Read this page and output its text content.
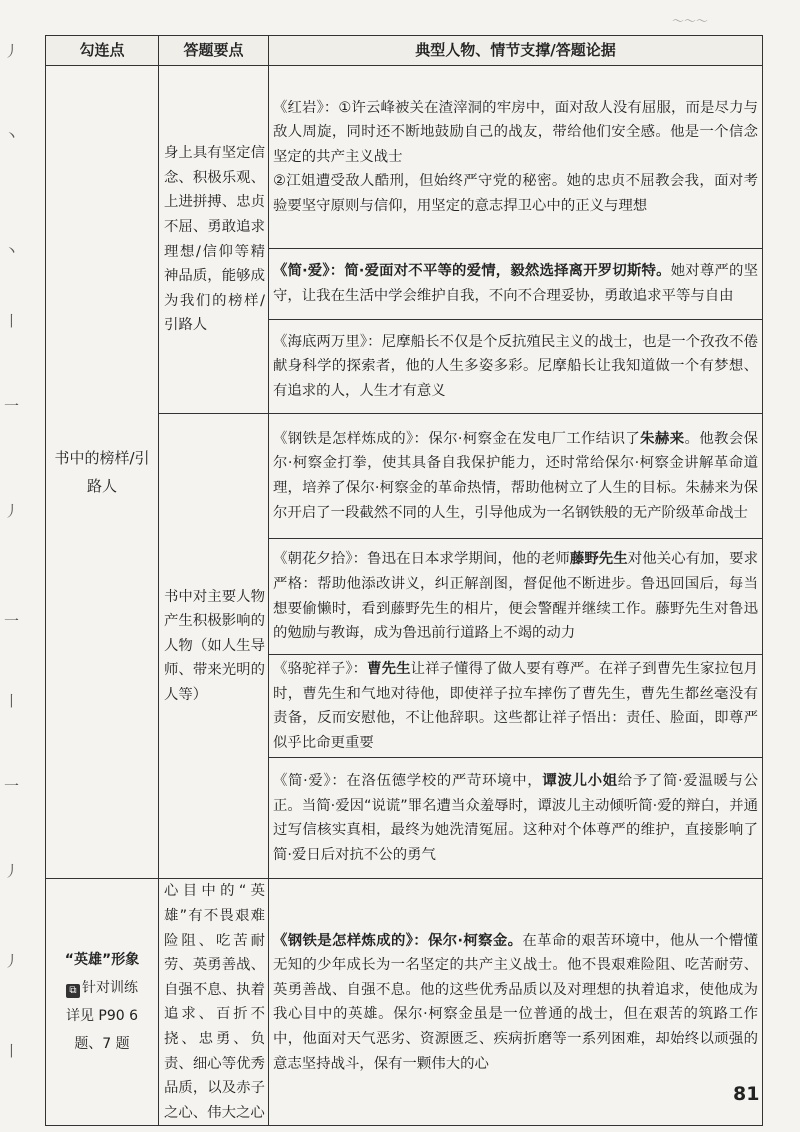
丿
丶
丶
丨
一
丿
一
丨
一
丿
丿
丨
～～～
勾连点	答题要点	典型人物、情节支撑/答题论据
书中的榜样/引路人	身上具有坚定信念、积极乐观、上进拼搏、忠贞不屈、勇敢追求理想/信仰等精神品质，能够成为我们的榜样/引路人	《红岩》：①许云峰被关在渣滓洞的牢房中，面对敌人没有屈服，而是尽力与敌人周旋，同时还不断地鼓励自己的战友，带给他们安全感。他是一个信念坚定的共产主义战士

②江姐遭受敌人酷刑，但始终严守党的秘密。她的忠贞不屈教会我，面对考验要坚守原则与信仰，用坚定的意志捍卫心中的正义与理想

		《简·爱》：简·爱面对不平等的爱情，毅然选择离开罗切斯特。她对尊严的坚守，让我在生活中学会维护自我，不向不合理妥协，勇敢追求平等与自由
		《海底两万里》：尼摩船长不仅是个反抗殖民主义的战士，也是一个孜孜不倦献身科学的探索者，他的人生多姿多彩。尼摩船长让我知道做一个有梦想、有追求的人，人生才有意义
	书中对主要人物产生积极影响的人物（如人生导师、带来光明的人等）	《钢铁是怎样炼成的》：保尔·柯察金在发电厂工作结识了朱赫来。他教会保尔·柯察金打拳，使其具备自我保护能力，还时常给保尔·柯察金讲解革命道理，培养了保尔·柯察金的革命热情，帮助他树立了人生的目标。朱赫来为保尔开启了一段截然不同的人生，引导他成为一名钢铁般的无产阶级革命战士
		《朝花夕拾》：鲁迅在日本求学期间，他的老师藤野先生对他关心有加，要求严格：帮助他添改讲义，纠正解剖图，督促他不断进步。鲁迅回国后，每当想要偷懒时，看到藤野先生的相片，便会警醒并继续工作。藤野先生对鲁迅的勉励与教诲，成为鲁迅前行道路上不竭的动力
		《骆驼祥子》：曹先生让祥子懂得了做人要有尊严。在祥子到曹先生家拉包月时，曹先生和气地对待他，即使祥子拉车摔伤了曹先生，曹先生都丝毫没有责备，反而安慰他，不让他辞职。这些都让祥子悟出：责任、脸面，即尊严似乎比命更重要
		《简·爱》：在洛伍德学校的严苛环境中，谭波儿小姐给予了简·爱温暖与公正。当简·爱因“说谎”罪名遭当众羞辱时，谭波儿主动倾听简·爱的辩白，并通过写信核实真相，最终为她洗清冤屈。这种对个体尊严的维护，直接影响了简·爱日后对抗不公的勇气

“英雄”形象
⧉ 针对训练
详见 P90 6 题、7 题	心目中的“英雄”有不畏艰难险阻、吃苦耐劳、英勇善战、自强不息、执着追求、百折不挠、忠勇、负责、细心等优秀品质，以及赤子之心、伟大之心	《钢铁是怎样炼成的》：保尔·柯察金。在革命的艰苦环境中，他从一个懵懂无知的少年成长为一名坚定的共产主义战士。他不畏艰难险阻、吃苦耐劳、英勇善战、自强不息。他的这些优秀品质以及对理想的执着追求，使他成为我心目中的英雄。保尔·柯察金虽是一位普通的战士，但在艰苦的筑路工作中，他面对天气恶劣、资源匮乏、疾病折磨等一系列困难，却始终以顽强的意志坚持战斗，保有一颗伟大的心
81
